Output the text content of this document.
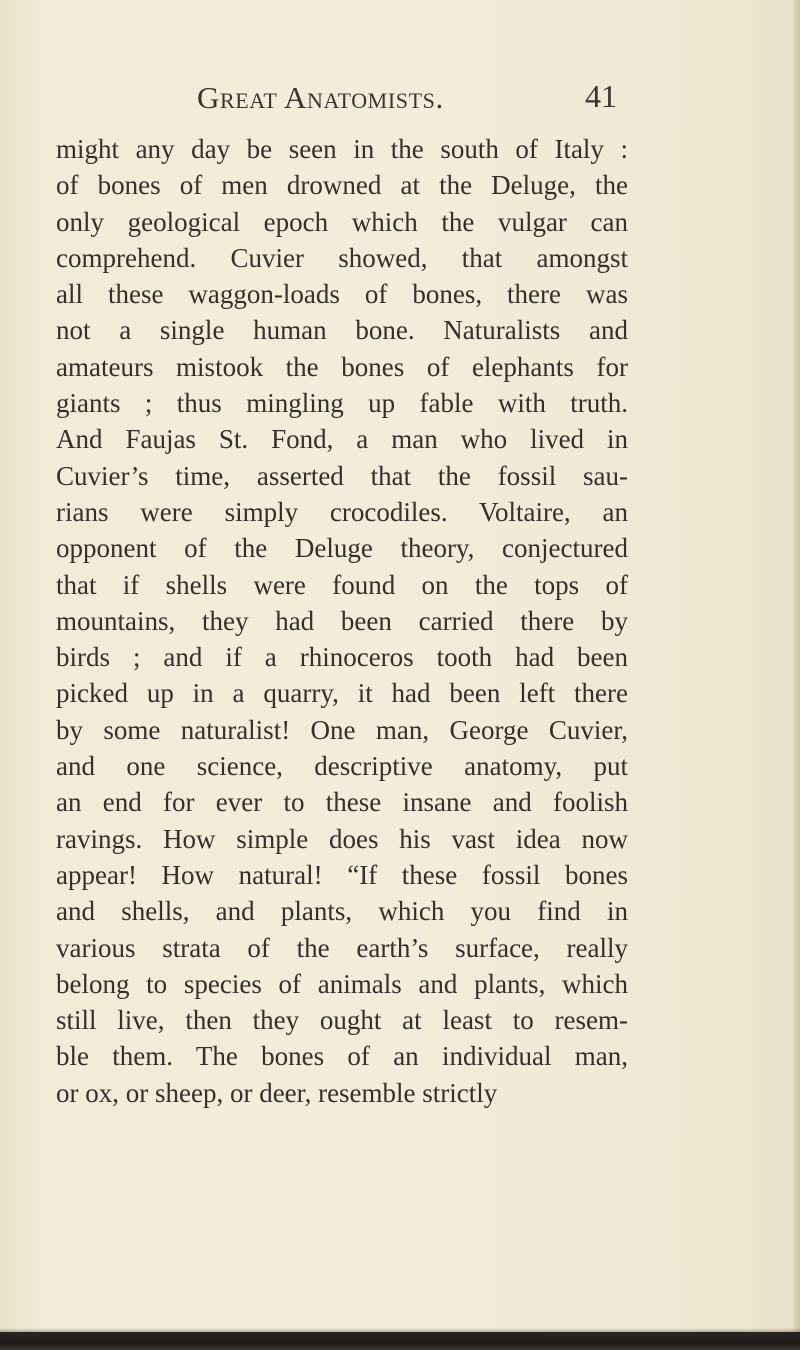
Great Anatomists.	41
might any day be seen in the south of Italy :
of bones of men drowned at the Deluge, the
only geological epoch which the vulgar can
comprehend. Cuvier showed, that amongst
all these waggon-loads of bones, there was
not a single human bone. Naturalists and
amateurs mistook the bones of elephants for
giants ; thus mingling up fable with truth.
And Faujas St. Fond, a man who lived in
Cuvier’s time, asserted that the fossil sau-
rians were simply crocodiles. Voltaire, an
opponent of the Deluge theory, conjectured
that if shells were found on the tops of
mountains, they had been carried there by
birds ; and if a rhinoceros tooth had been
picked up in a quarry, it had been left there
by some naturalist! One man, George Cuvier,
and one science, descriptive anatomy, put
an end for ever to these insane and foolish
ravings. How simple does his vast idea now
appear! How natural! “If these fossil bones
and shells, and plants, which you find in
various strata of the earth’s surface, really
belong to species of animals and plants, which
still live, then they ought at least to resem-
ble them. The bones of an individual man,
or ox, or sheep, or deer, resemble strictly
